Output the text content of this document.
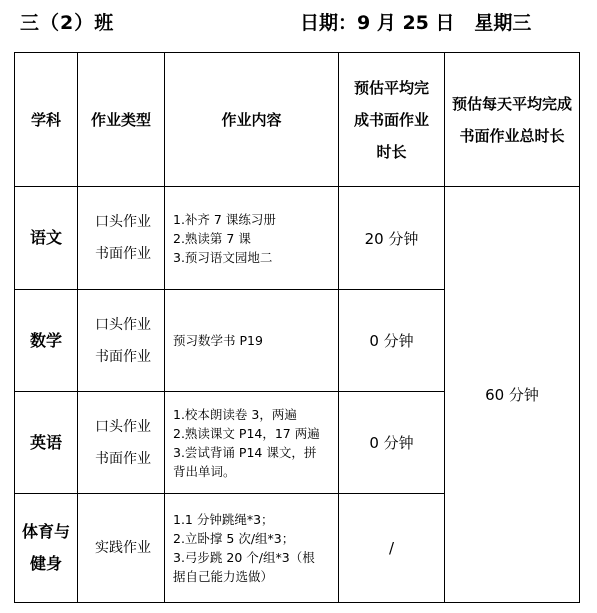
三（2）班	日期：9 月 25 日   星期三
学科	作业类型	作业内容	预估平均完
成书面作业
时长	预估每天平均完成
书面作业总时长

语文	口头作业
书面作业	1.补齐 7 课练习册
2.熟读第 7 课
3.预习语文园地二	20 分钟	60 分钟

数学	口头作业
书面作业	预习数学书 P19	0 分钟	

英语	口头作业
书面作业	1.校本朗读卷 3，两遍
2.熟读课文 P14，17 两遍
3.尝试背诵 P14 课文，拼
背出单词。	0 分钟	

体育与
健身	实践作业	1.1 分钟跳绳*3；
2.立卧撑 5 次/组*3；
3.弓步跳 20 个/组*3（根
据自己能力选做）	/	
